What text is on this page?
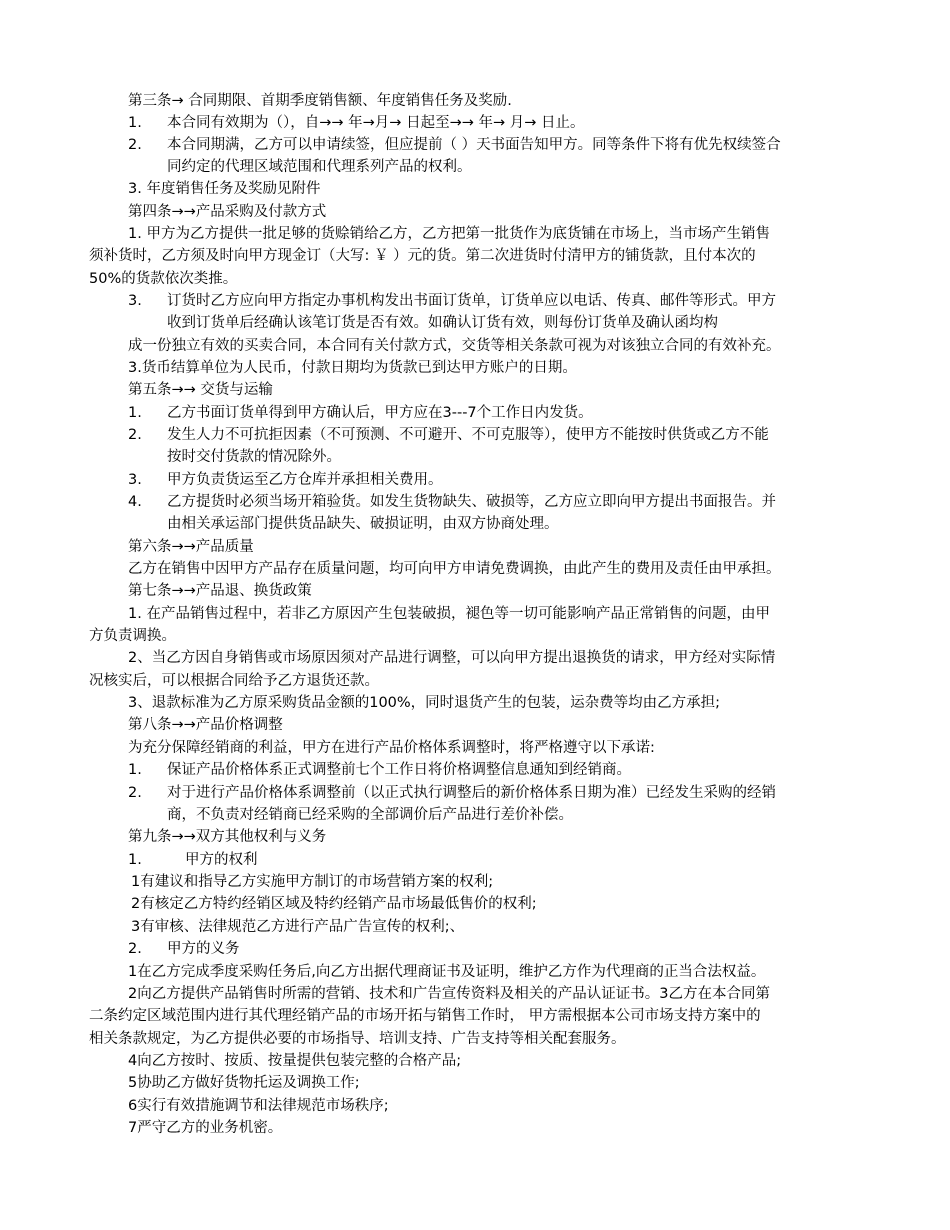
第三条→ 合同期限、首期季度销售额、年度销售任务及奖励.
1. 本合同有效期为（），自→→ 年→月→ 日起至→→ 年→ 月→ 日止。
2. 本合同期满，乙方可以申请续签，但应提前（ ）天书面告知甲方。同等条件下将有优先权续签合
同约定的代理区域范围和代理系列产品的权利。
3. 年度销售任务及奖励见附件
第四条→→产品采购及付款方式
1. 甲方为乙方提供一批足够的货赊销给乙方，乙方把第一批货作为底货铺在市场上，当市场产生销售
须补货时，乙方须及时向甲方现金订（大写: ￥ ）元的货。第二次进货时付清甲方的铺货款，且付本次的
50%的货款依次类推。
3. 订货时乙方应向甲方指定办事机构发出书面订货单，订货单应以电话、传真、邮件等形式。甲方
收到订货单后经确认该笔订货是否有效。如确认订货有效，则每份订货单及确认函均构
成一份独立有效的买卖合同，本合同有关付款方式，交货等相关条款可视为对该独立合同的有效补充。
3.货币结算单位为人民币，付款日期均为货款已到达甲方账户的日期。
第五条→→ 交货与运输
1. 乙方书面订货单得到甲方确认后，甲方应在3---7个工作日内发货。
2. 发生人力不可抗拒因素（不可预测、不可避开、不可克服等），使甲方不能按时供货或乙方不能
按时交付货款的情况除外。
3. 甲方负责货运至乙方仓库并承担相关费用。
4. 乙方提货时必须当场开箱验货。如发生货物缺失、破损等，乙方应立即向甲方提出书面报告。并
由相关承运部门提供货品缺失、破损证明，由双方协商处理。
第六条→→产品质量
乙方在销售中因甲方产品存在质量问题，均可向甲方申请免费调换，由此产生的费用及责任由甲承担。
第七条→→产品退、换货政策
1. 在产品销售过程中，若非乙方原因产生包装破损，褪色等一切可能影响产品正常销售的问题，由甲
方负责调换。
2、当乙方因自身销售或市场原因须对产品进行调整，可以向甲方提出退换货的请求，甲方经对实际情
况核实后，可以根据合同给予乙方退货还款。
3、退款标准为乙方原采购货品金额的100%，同时退货产生的包装，运杂费等均由乙方承担;
第八条→→产品价格调整
为充分保障经销商的利益，甲方在进行产品价格体系调整时，将严格遵守以下承诺:
1. 保证产品价格体系正式调整前七个工作日将价格调整信息通知到经销商。
2. 对于进行产品价格体系调整前（以正式执行调整后的新价格体系日期为准）已经发生采购的经销
商，不负责对经销商已经采购的全部调价后产品进行差价补偿。
第九条→→双方其他权利与义务
1.	甲方的权利
1有建议和指导乙方实施甲方制订的市场营销方案的权利;
2有核定乙方特约经销区域及特约经销产品市场最低售价的权利;
3有审核、法律规范乙方进行产品广告宣传的权利;、
2. 甲方的义务
1在乙方完成季度采购任务后,向乙方出据代理商证书及证明，维护乙方作为代理商的正当合法权益。
2向乙方提供产品销售时所需的营销、技术和广告宣传资料及相关的产品认证证书。3乙方在本合同第
二条约定区域范围内进行其代理经销产品的市场开拓与销售工作时， 甲方需根据本公司市场支持方案中的
相关条款规定，为乙方提供必要的市场指导、培训支持、广告支持等相关配套服务。
4向乙方按时、按质、按量提供包装完整的合格产品;
5协助乙方做好货物托运及调换工作;
6实行有效措施调节和法律规范市场秩序;
7严守乙方的业务机密。
